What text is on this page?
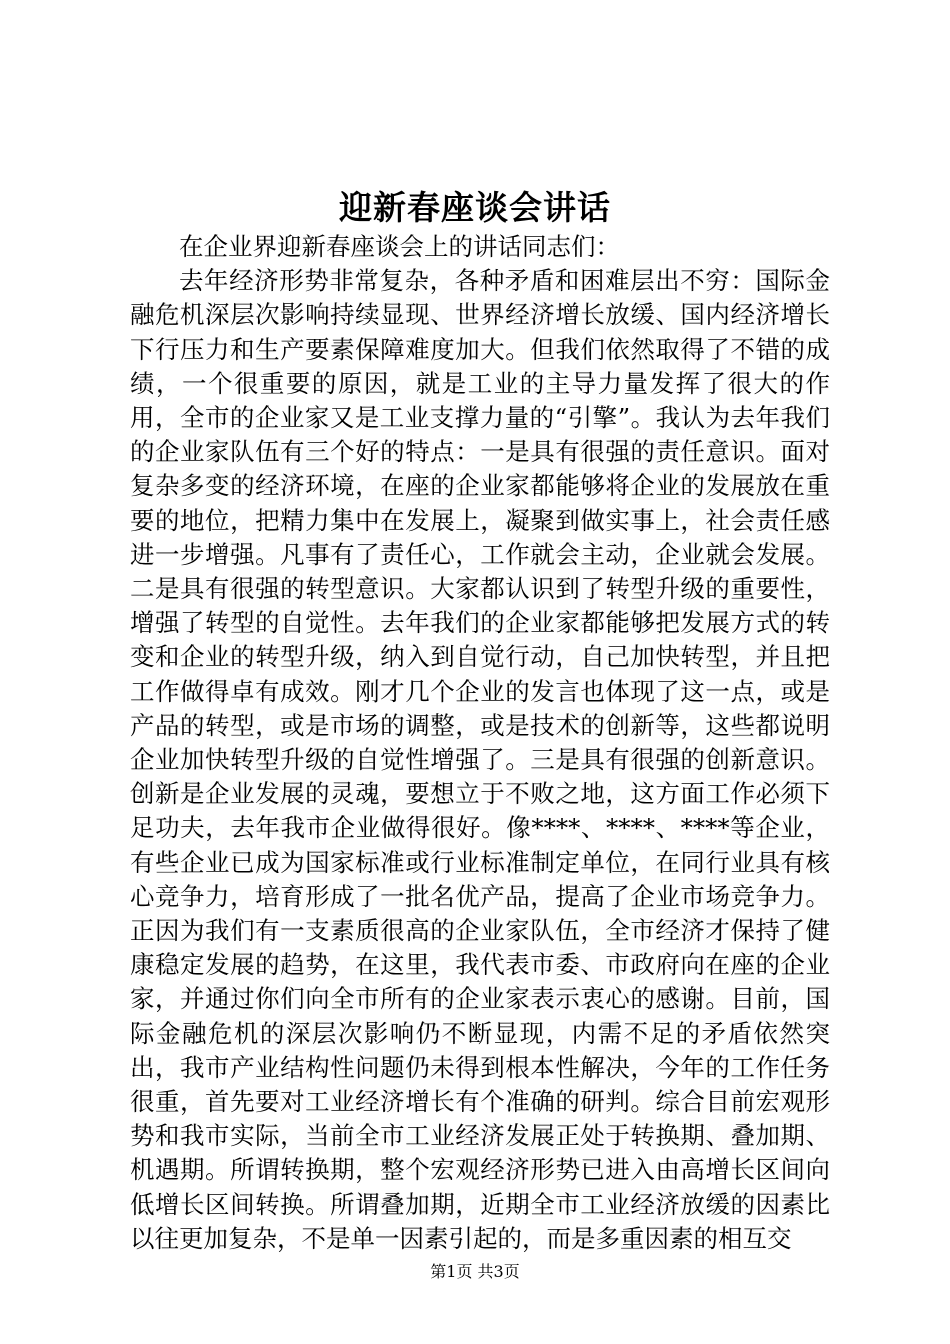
迎新春座谈会讲话

在企业界迎新春座谈会上的讲话同志们：

去年经济形势非常复杂，各种矛盾和困难层出不穷：国际金融危机深层次影响持续显现、世界经济增长放缓、国内经济增长下行压力和生产要素保障难度加大。但我们依然取得了不错的成绩，一个很重要的原因，就是工业的主导力量发挥了很大的作用，全市的企业家又是工业支撑力量的“引擎”。我认为去年我们的企业家队伍有三个好的特点：一是具有很强的责任意识。面对复杂多变的经济环境，在座的企业家都能够将企业的发展放在重要的地位，把精力集中在发展上，凝聚到做实事上，社会责任感进一步增强。凡事有了责任心，工作就会主动，企业就会发展。二是具有很强的转型意识。大家都认识到了转型升级的重要性，增强了转型的自觉性。去年我们的企业家都能够把发展方式的转变和企业的转型升级，纳入到自觉行动，自己加快转型，并且把工作做得卓有成效。刚才几个企业的发言也体现了这一点，或是产品的转型，或是市场的调整，或是技术的创新等，这些都说明企业加快转型升级的自觉性增强了。三是具有很强的创新意识。创新是企业发展的灵魂，要想立于不败之地，这方面工作必须下足功夫，去年我市企业做得很好。像****、****、****等企业，有些企业已成为国家标准或行业标准制定单位，在同行业具有核心竞争力，培育形成了一批名优产品，提高了企业市场竞争力。正因为我们有一支素质很高的企业家队伍，全市经济才保持了健康稳定发展的趋势，在这里，我代表市委、市政府向在座的企业家，并通过你们向全市所有的企业家表示衷心的感谢。目前，国际金融危机的深层次影响仍不断显现，内需不足的矛盾依然突出，我市产业结构性问题仍未得到根本性解决，今年的工作任务很重，首先要对工业经济增长有个准确的研判。综合目前宏观形势和我市实际，当前全市工业经济发展正处于转换期、叠加期、机遇期。所谓转换期，整个宏观经济形势已进入由高增长区间向低增长区间转换。所谓叠加期，近期全市工业经济放缓的因素比以往更加复杂，不是单一因素引起的，而是多重因素的相互交

第1页 共3页
